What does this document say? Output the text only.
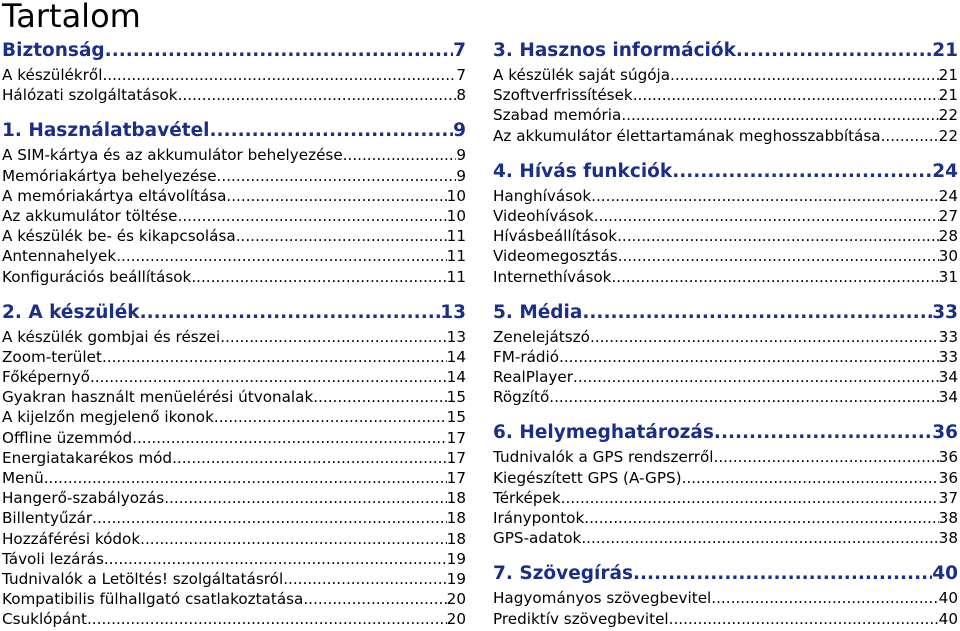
Tartalom
Biztonság .....	7
A készülékről .....	7
Hálózati szolgáltatások .....	8
1. Használatbavétel .....	9
A SIM-kártya és az akkumulátor behelyezése .....	9
Memóriakártya behelyezése .....	9
A memóriakártya eltávolítása .....	10
Az akkumulátor töltése .....	10
A készülék be- és kikapcsolása .....	11
Antennahelyek .....	11
Konfigurációs beállítások .....	11
2. A készülék .....	13
A készülék gombjai és részei .....	13
Zoom-terület .....	14
Főképernyő .....	14
Gyakran használt menüelérési útvonalak .....	15
A kijelzőn megjelenő ikonok .....	15
Offline üzemmód .....	17
Energiatakarékos mód .....	17
Menü .....	17
Hangerő-szabályozás .....	18
Billentyűzár .....	18
Hozzáférési kódok .....	18
Távoli lezárás .....	19
Tudnivalók a Letöltés! szolgáltatásról .....	19
Kompatibilis fülhallgató csatlakoztatása .....	20
Csuklópánt .....	20
3. Hasznos információk .....	21
A készülék saját súgója .....	21
Szoftverfrissítések .....	21
Szabad memória .....	22
Az akkumulátor élettartamának meghosszabbítása .....	22
4. Hívás funkciók .....	24
Hanghívások .....	24
Videohívások .....	27
Hívásbeállítások .....	28
Videomegosztás .....	30
Internethívások .....	31
5. Média .....	33
Zenelejátszó .....	33
FM-rádió .....	33
RealPlayer .....	34
Rögzítő .....	34
6. Helymeghatározás .....	36
Tudnivalók a GPS rendszerről .....	36
Kiegészített GPS (A-GPS) .....	36
Térképek .....	37
Iránypontok .....	38
GPS-adatok .....	38
7. Szövegírás .....	40
Hagyományos szövegbevitel .....	40
Prediktív szövegbevitel .....	40
